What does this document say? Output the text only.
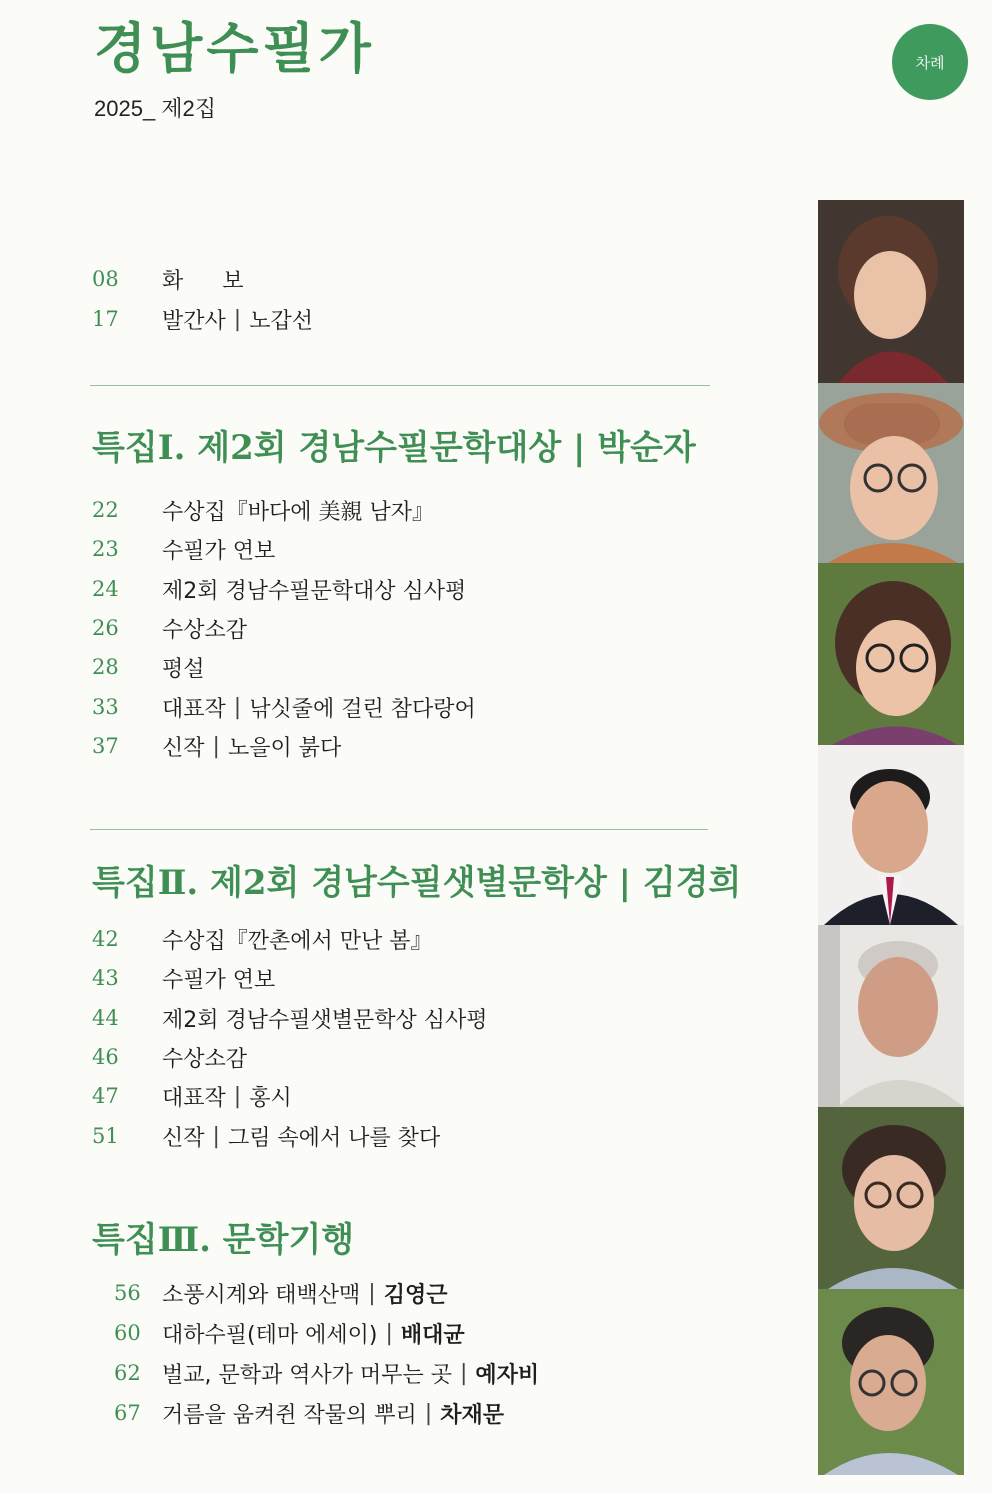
경남수필가
2025_ 제2집
차례
08	화 보
17	발간사 | 노갑선
특집Ⅰ. 제2회 경남수필문학대상 | 박순자
22	수상집『바다에 美親 남자』
23	수필가 연보
24	제2회 경남수필문학대상 심사평
26	수상소감
28	평설
33	대표작 | 낚싯줄에 걸린 참다랑어
37	신작 | 노을이 붉다
특집Ⅱ. 제2회 경남수필샛별문학상 | 김경희
42	수상집『깐촌에서 만난 봄』
43	수필가 연보
44	제2회 경남수필샛별문학상 심사평
46	수상소감
47	대표작 | 홍시
51	신작 | 그림 속에서 나를 찾다
특집Ⅲ. 문학기행
56 소풍시계와 태백산맥 | 김영근
60 대하수필(테마 에세이) | 배대균
62 벌교, 문학과 역사가 머무는 곳 | 예자비
67 거름을 움켜쥔 작물의 뿌리 | 차재문
